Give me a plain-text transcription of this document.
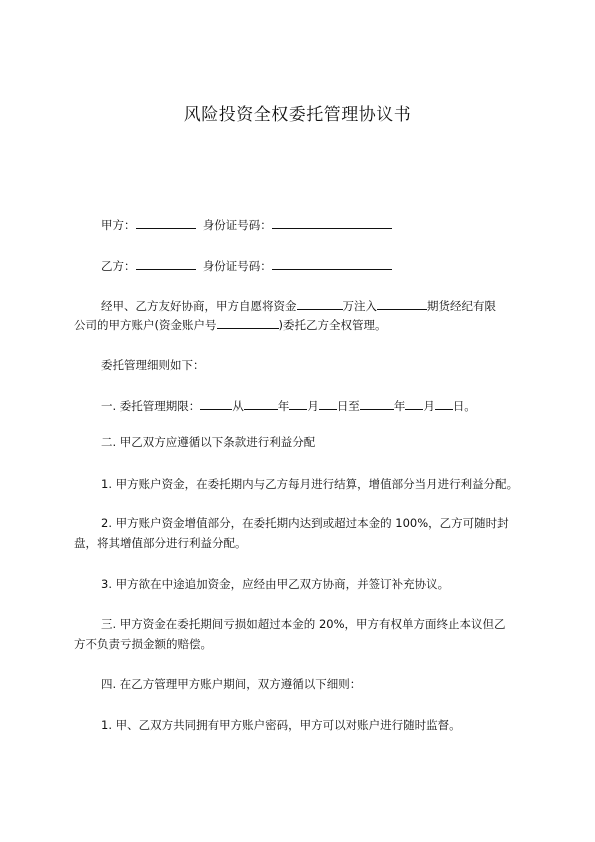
风险投资全权委托管理协议书
甲方：	身份证号码：
乙方：	身份证号码：
经甲、乙方友好协商，甲方自愿将资金	万注入	期货经纪有限
公司的甲方账户(资金账户号	)委托乙方全权管理。
委托管理细则如下：
一. 委托管理期限：	从	年 月 日至	年 月 日。
二. 甲乙双方应遵循以下条款进行利益分配
1. 甲方账户资金，在委托期内与乙方每月进行结算，增值部分当月进行利益分配。
2. 甲方账户资金增值部分，在委托期内达到或超过本金的 100%，乙方可随时封
盘，将其增值部分进行利益分配。
3. 甲方欲在中途追加资金，应经由甲乙双方协商，并签订补充协议。
三. 甲方资金在委托期间亏损如超过本金的 20%，甲方有权单方面终止本议但乙
方不负责亏损金额的赔偿。
四. 在乙方管理甲方账户期间，双方遵循以下细则：
1. 甲、乙双方共同拥有甲方账户密码，甲方可以对账户进行随时监督。
